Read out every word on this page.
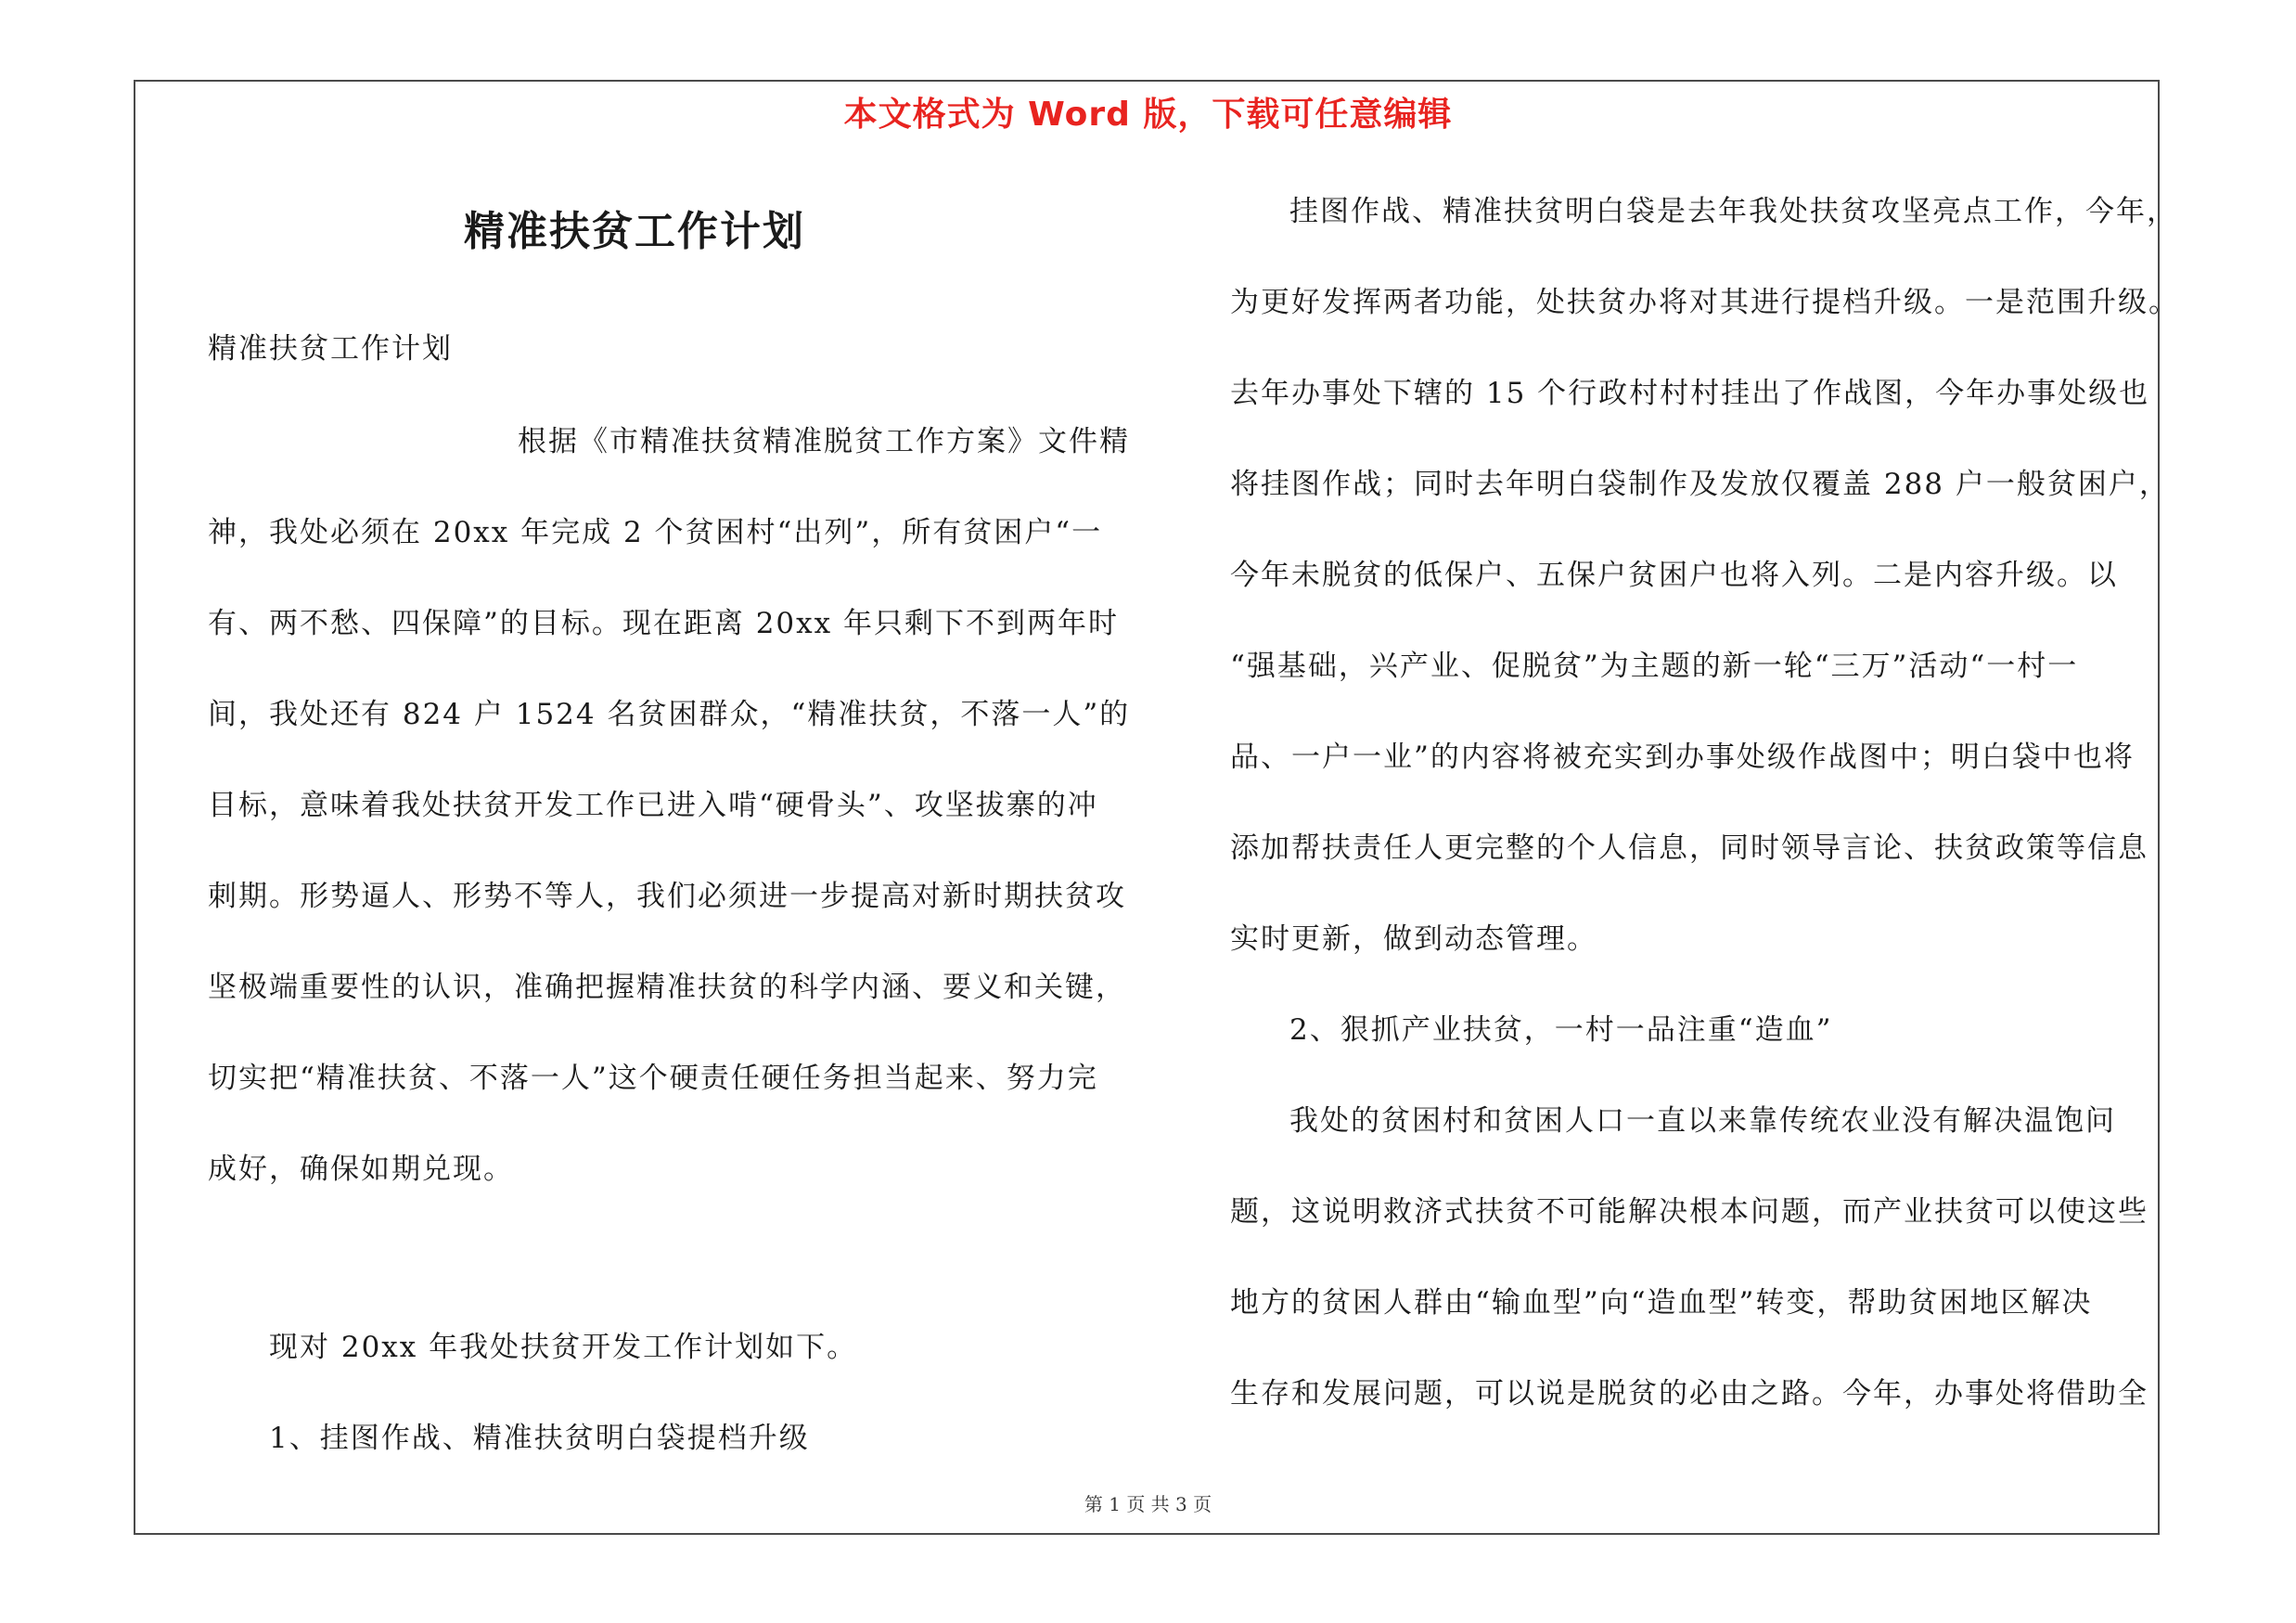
本文格式为 Word 版，下载可任意编辑
精准扶贫工作计划
精准扶贫工作计划
根据《市精准扶贫精准脱贫工作方案》文件精
神，我处必须在 20xx 年完成 2 个贫困村“出列”，所有贫困户“一
有、两不愁、四保障”的目标。现在距离 20xx 年只剩下不到两年时
间，我处还有 824 户 1524 名贫困群众，“精准扶贫，不落一人”的
目标，意味着我处扶贫开发工作已进入啃“硬骨头”、攻坚拔寨的冲
刺期。形势逼人、形势不等人，我们必须进一步提高对新时期扶贫攻
坚极端重要性的认识，准确把握精准扶贫的科学内涵、要义和关键，
切实把“精准扶贫、不落一人”这个硬责任硬任务担当起来、努力完
成好，确保如期兑现。
现对 20xx 年我处扶贫开发工作计划如下。
1、挂图作战、精准扶贫明白袋提档升级
挂图作战、精准扶贫明白袋是去年我处扶贫攻坚亮点工作，今年，
为更好发挥两者功能，处扶贫办将对其进行提档升级。一是范围升级。
去年办事处下辖的 15 个行政村村村挂出了作战图，今年办事处级也
将挂图作战；同时去年明白袋制作及发放仅覆盖 288 户一般贫困户，
今年未脱贫的低保户、五保户贫困户也将入列。二是内容升级。以
“强基础，兴产业、促脱贫”为主题的新一轮“三万”活动“一村一
品、一户一业”的内容将被充实到办事处级作战图中；明白袋中也将
添加帮扶责任人更完整的个人信息，同时领导言论、扶贫政策等信息
实时更新，做到动态管理。
2、狠抓产业扶贫，一村一品注重“造血”
我处的贫困村和贫困人口一直以来靠传统农业没有解决温饱问
题，这说明救济式扶贫不可能解决根本问题，而产业扶贫可以使这些
地方的贫困人群由“输血型”向“造血型”转变，帮助贫困地区解决
生存和发展问题，可以说是脱贫的必由之路。今年，办事处将借助全
第 1 页 共 3 页
